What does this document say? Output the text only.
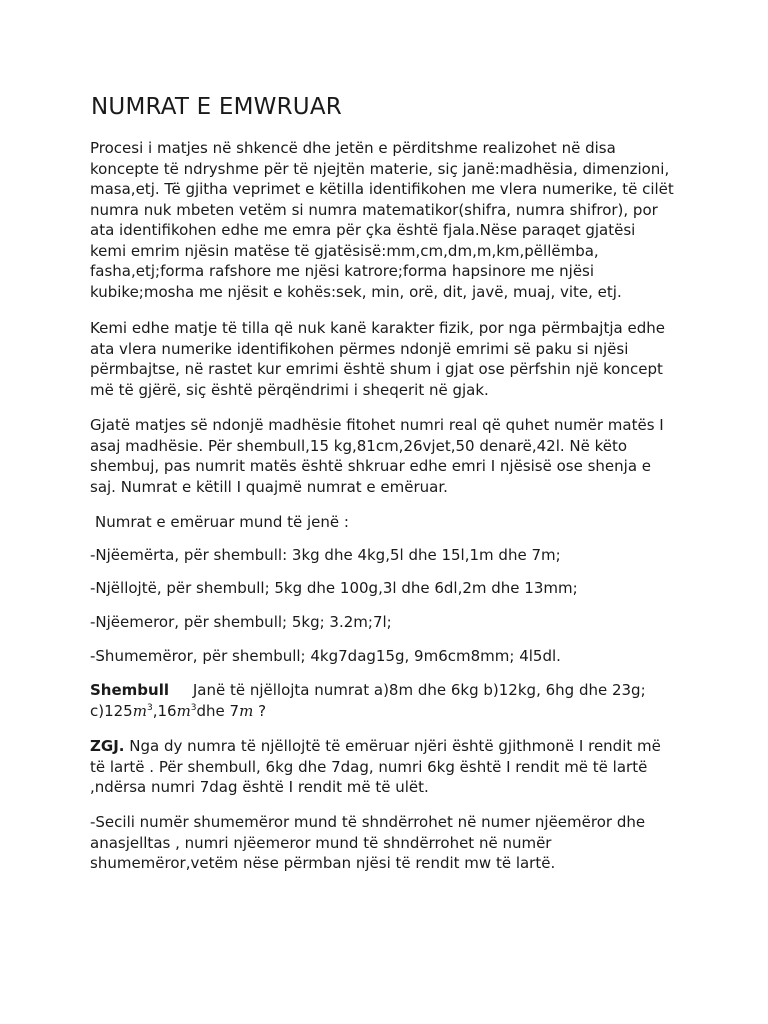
NUMRAT E EMWRUAR

Procesi i matjes në shkencë dhe jetën e përditshme realizohet në disa
koncepte të ndryshme për të njejtën materie, siç janë:madhësia, dimenzioni,
masa,etj. Të gjitha veprimet e këtilla identifikohen me vlera numerike, të cilët
numra nuk mbeten vetëm si numra matematikor(shifra, numra shifror), por
ata identifikohen edhe me emra për çka është fjala.Nëse paraqet gjatësi
kemi emrim njësin matëse të gjatësisë:mm,cm,dm,m,km,pëllëmba,
fasha,etj;forma rafshore me njësi katrore;forma hapsinore me njësi
kubike;mosha me njësit e kohës:sek, min, orë, dit, javë, muaj, vite, etj.

Kemi edhe matje të tilla që nuk kanë karakter fizik, por nga përmbajtja edhe
ata vlera numerike identifikohen përmes ndonjë emrimi së paku si njësi
përmbajtse, në rastet kur emrimi është shum i gjat ose përfshin një koncept
më të gjërë, siç është përqëndrimi i sheqerit në gjak.

Gjatë matjes së ndonjë madhësie fitohet numri real që quhet numër matës I
asaj madhësie. Për shembull,15 kg,81cm,26vjet,50 denarë,42l. Në këto
shembuj, pas numrit matës është shkruar edhe emri I njësisë ose shenja e
saj. Numrat e këtill I quajmë numrat e emëruar.

Numrat e emëruar mund të jenë :

-Njëemërta, për shembull: 3kg dhe 4kg,5l dhe 15l,1m dhe 7m;

-Njëllojtë, për shembull; 5kg dhe 100g,3l dhe 6dl,2m dhe 13mm;

-Njëemeror, për shembull; 5kg; 3.2m;7l;

-Shumemëror, për shembull; 4kg7dag15g, 9m6cm8mm; 4l5dl.

Shembull Janë të njëllojta numrat a)8m dhe 6kg b)12kg, 6hg dhe 23g;
$c)125m^3,16m^3dhe$ 7m ?

ZGJ. Nga dy numra të njëllojtë të emëruar njëri është gjithmonë I rendit më
të lartë . Për shembull, 6kg dhe 7dag, numri 6kg është I rendit më të lartë
,ndërsa numri 7dag është I rendit më të ulët.

-Secili numër shumemëror mund të shndërrohet në numer njëemëror dhe
anasjelltas , numri njëemeror mund të shndërrohet në numër
shumemëror,vetëm nëse përmban njësi të rendit mw të lartë.
